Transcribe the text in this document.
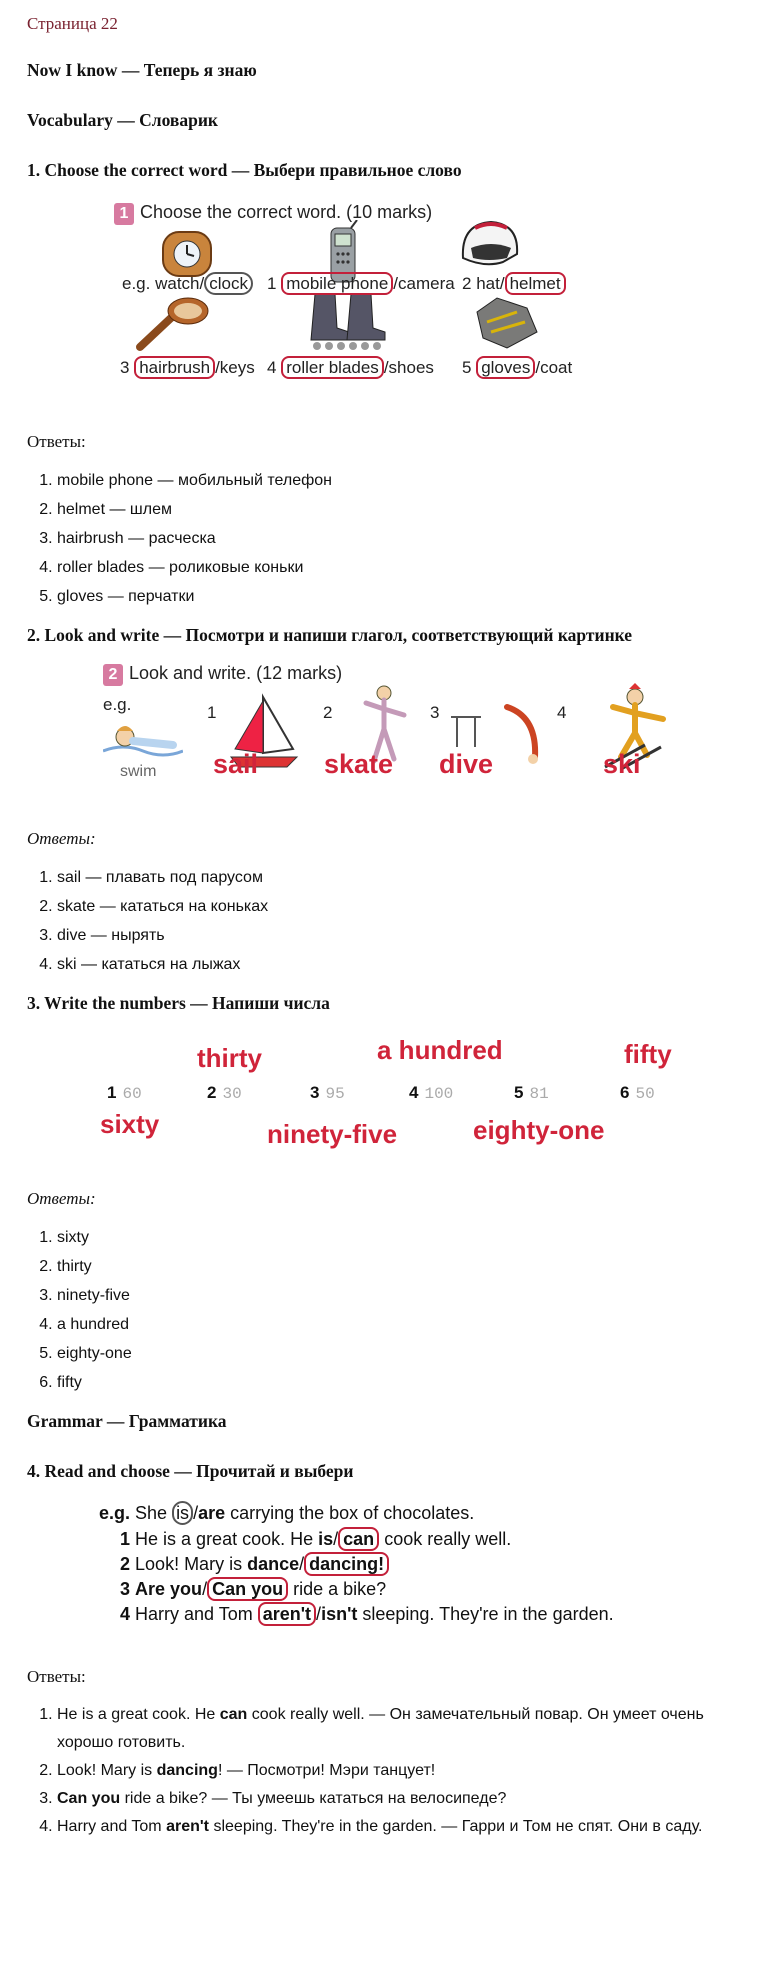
Страница 22
Now I know — Теперь я знаю
Vocabulary — Словарик
1. Choose the correct word — Выбери правильное слово
1 Choose the correct word. (10 marks)
e.g. watch/ clock 1 mobile phone /camera 2 hat/ helmet
3 hairbrush /keys 4 roller blades /shoes 5 gloves /coat
Ответы:
1. mobile phone — мобильный телефон
2. helmet — шлем
3. hairbrush — расческа
4. roller blades — роликовые коньки
5. gloves — перчатки
2. Look and write — Посмотри и напиши глагол, соответствующий картинке
2 Look and write. (12 marks)
e.g.	1	2	3	4
swim sail skate dive	ski
Ответы:
1. sail — плавать под парусом
2. skate — кататься на коньках
3. dive — нырять
4. ski — кататься на лыжах
3. Write the numbers — Напиши числа
thirty	a hundred	fifty
1 60	2 30	3 95	4 100	5 81	6 50
sixty	ninety-five	eighty-one
Ответы:
1. sixty
2. thirty
3. ninety-five
4. a hundred
5. eighty-one
6. fifty
Grammar — Грамматика
4. Read and choose — Прочитай и выбери
e.g. She is /are carrying the box of chocolates.
1 He is a great cook. He is/ can cook really well.
2 Look! Mary is dance/ dancing!
3 Are you/ Can you ride a bike?
4 Harry and Tom aren't /isn't sleeping. They're in the garden.
Ответы:
1. He is a great cook. He can cook really well. — Он замечательный повар. Он умеет очень хорошо готовить.
2. Look! Mary is dancing! — Посмотри! Мэри танцует!
3. Can you ride a bike? — Ты умеешь кататься на велосипеде?
4. Harry and Tom aren't sleeping. They're in the garden. — Гарри и Том не спят. Они в саду.
